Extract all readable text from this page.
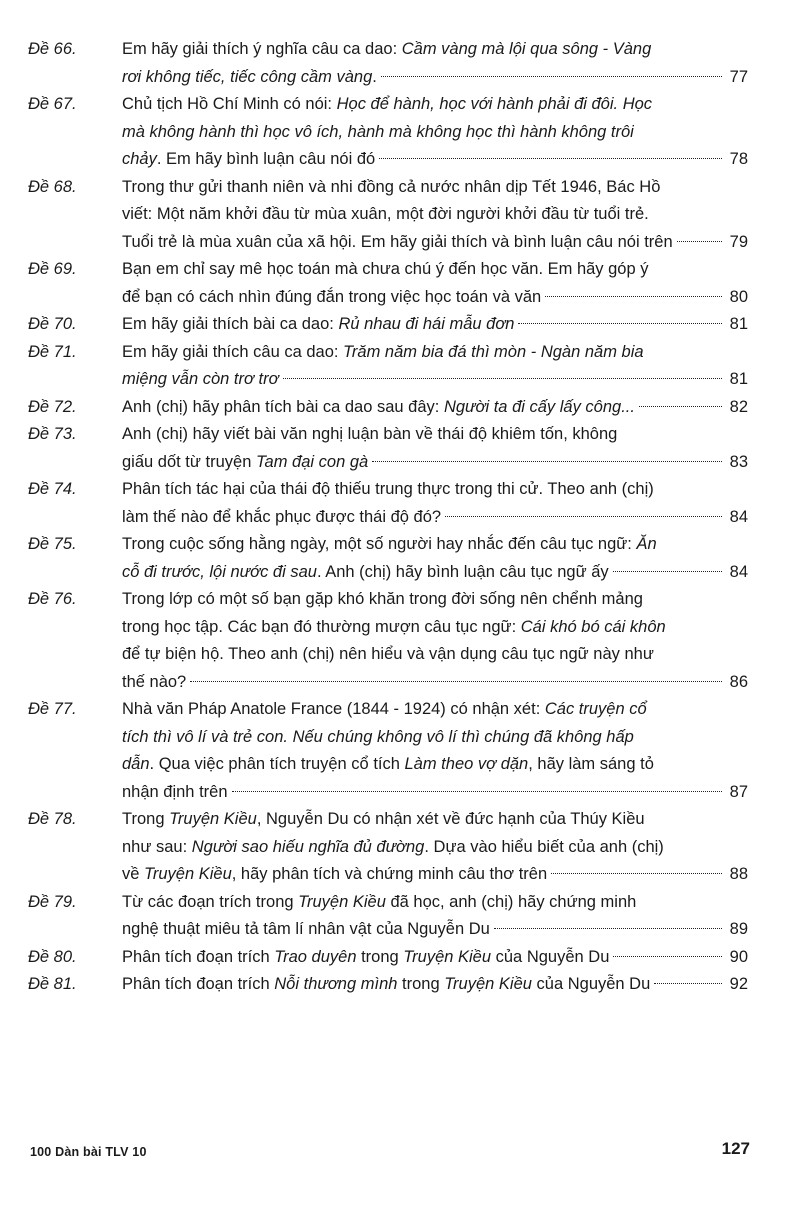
Đề 66.	Em hãy giải thích ý nghĩa câu ca dao: Cầm vàng mà lội qua sông - Vàng
rơi không tiếc, tiếc công cầm vàng.	77
Đề 67.	Chủ tịch Hồ Chí Minh có nói: Học để hành, học với hành phải đi đôi. Học
mà không hành thì học vô ích, hành mà không học thì hành không trôi
chảy. Em hãy bình luận câu nói đó	78
Đề 68.	Trong thư gửi thanh niên và nhi đồng cả nước nhân dịp Tết 1946, Bác Hồ
viết: Một năm khởi đầu từ mùa xuân, một đời người khởi đầu từ tuổi trẻ.
Tuổi trẻ là mùa xuân của xã hội. Em hãy giải thích và bình luận câu nói trên	79
Đề 69.	Bạn em chỉ say mê học toán mà chưa chú ý đến học văn. Em hãy góp ý
để bạn có cách nhìn đúng đắn trong việc học toán và văn	80
Đề 70.	Em hãy giải thích bài ca dao: Rủ nhau đi hái mẫu đơn	81
Đề 71.	Em hãy giải thích câu ca dao: Trăm năm bia đá thì mòn - Ngàn năm bia
miệng vẫn còn trơ trơ	81
Đề 72.	Anh (chị) hãy phân tích bài ca dao sau đây: Người ta đi cấy lấy công...	82
Đề 73.	Anh (chị) hãy viết bài văn nghị luận bàn về thái độ khiêm tốn, không
giấu dốt từ truyện Tam đại con gà	83
Đề 74.	Phân tích tác hại của thái độ thiếu trung thực trong thi cử. Theo anh (chị)
làm thế nào để khắc phục được thái độ đó?	84
Đề 75.	Trong cuộc sống hằng ngày, một số người hay nhắc đến câu tục ngữ: Ăn
cỗ đi trước, lội nước đi sau. Anh (chị) hãy bình luận câu tục ngữ ấy	84
Đề 76.	Trong lớp có một số bạn gặp khó khăn trong đời sống nên chểnh mảng
trong học tập. Các bạn đó thường mượn câu tục ngữ: Cái khó bó cái khôn
để tự biện hộ. Theo anh (chị) nên hiểu và vận dụng câu tục ngữ này như
thế nào?	86
Đề 77.	Nhà văn Pháp Anatole France (1844 - 1924) có nhận xét: Các truyện cổ
tích thì vô lí và trẻ con. Nếu chúng không vô lí thì chúng đã không hấp
dẫn. Qua việc phân tích truyện cổ tích Làm theo vợ dặn, hãy làm sáng tỏ
nhận định trên	87
Đề 78.	Trong Truyện Kiều, Nguyễn Du có nhận xét về đức hạnh của Thúy Kiều
như sau: Người sao hiếu nghĩa đủ đường. Dựa vào hiểu biết của anh (chị)
về Truyện Kiều, hãy phân tích và chứng minh câu thơ trên	88
Đề 79.	Từ các đoạn trích trong Truyện Kiều đã học, anh (chị) hãy chứng minh
nghệ thuật miêu tả tâm lí nhân vật của Nguyễn Du	89
Đề 80.	Phân tích đoạn trích Trao duyên trong Truyện Kiều của Nguyễn Du	90
Đề 81.	Phân tích đoạn trích Nỗi thương mình trong Truyện Kiều của Nguyễn Du	92
100 Dàn bài TLV 10	127
